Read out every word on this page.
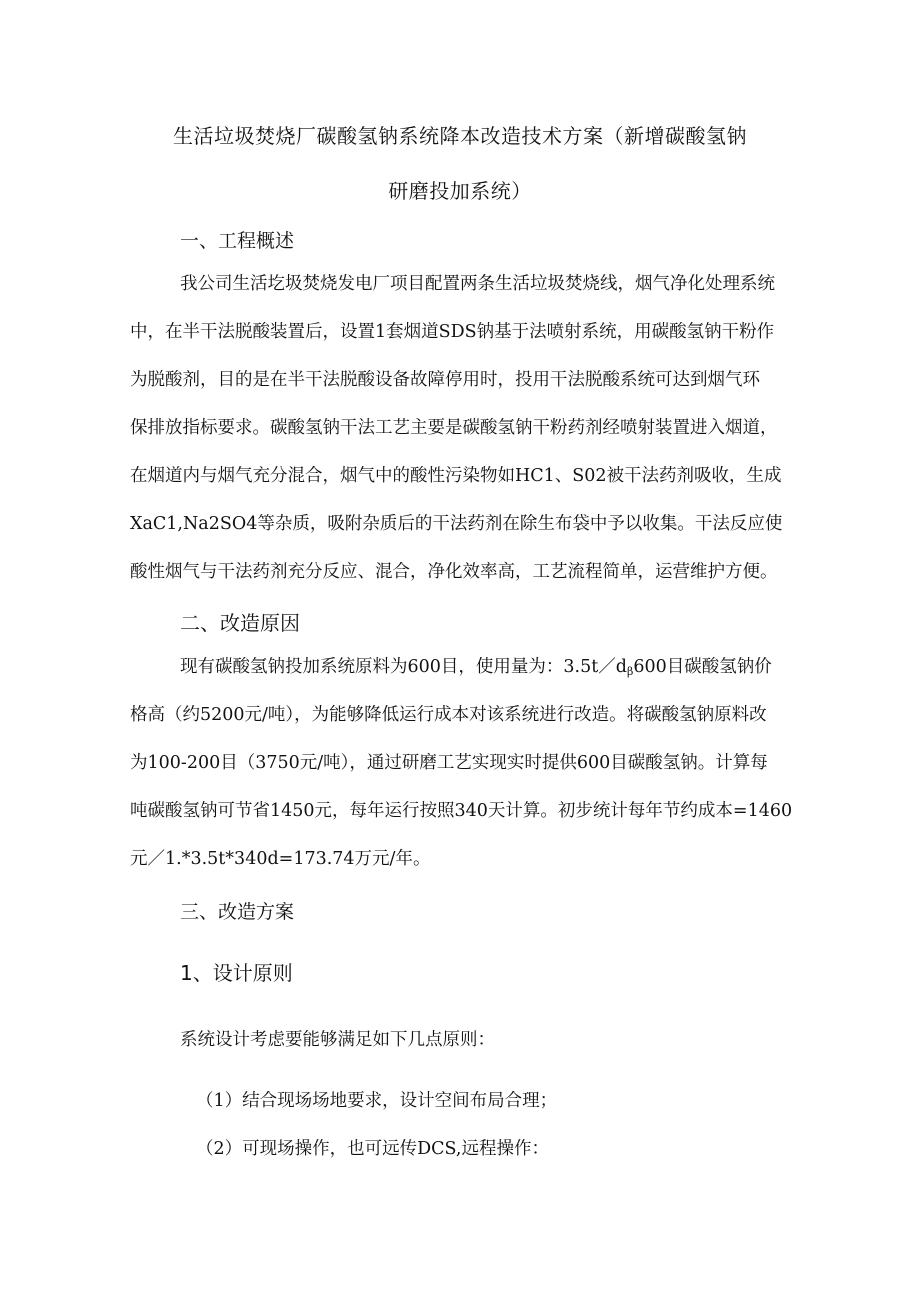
生活垃圾焚烧厂碳酸氢钠系统降本改造技术方案（新增碳酸氢钠
研磨投加系统）
一、工程概述
我公司生活圪圾焚烧发电厂项目配置两条生活垃圾焚烧线，烟气净化处理系统
中，在半干法脱酸装置后，设置1套烟道SDS钠基于法喷射系统，用碳酸氢钠干粉作
为脱酸剂，目的是在半干法脱酸设备故障停用时，投用干法脱酸系统可达到烟气环
保排放指标要求。碳酸氢钠干法工艺主要是碳酸氢钠干粉药剂经喷射装置进入烟道，
在烟道内与烟气充分混合，烟气中的酸性污染物如HC1、S02被干法药剂吸收，生成
XaC1,Na2SO4等杂质，吸附杂质后的干法药剂在除生布袋中予以收集。干法反应使
酸性烟气与干法药剂充分反应、混合，净化效率高，工艺流程简单，运营维护方便。
二、改造原因
现有碳酸氢钠投加系统原料为600目，使用量为：$3.5t/d_\beta 600$目碳酸氢钠价
格高（约5200元/吨），为能够降低运行成本对该系统进行改造。将碳酸氢钠原料改
为100-200目（3750元/吨），通过研磨工艺实现实时提供600目碳酸氢钠。计算每
吨碳酸氢钠可节省1450元，每年运行按照340天计算。初步统计每年节约成本=1460
元／1.*3.5t*340d=173.74万元/年。
三、改造方案
1、设计原则
系统设计考虑要能够满足如下几点原则：
（1）结合现场场地要求，设计空间布局合理；
（2）可现场操作，也可远传DCS,远程操作：
